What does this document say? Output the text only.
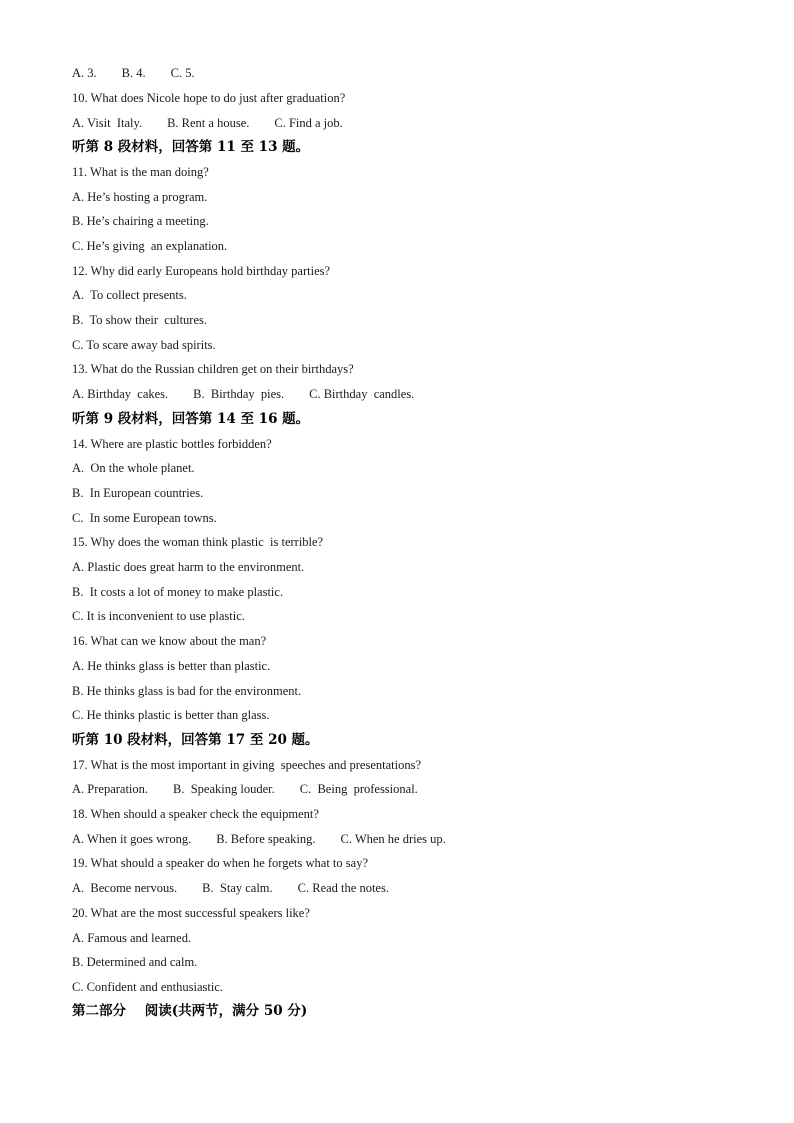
A. 3.        B. 4.        C. 5.
10. What does Nicole hope to do just after graduation?
A. Visit  Italy.        B. Rent a house.        C. Find a job.
听第 8 段材料，回答第 11 至 13 题。
11. What is the man doing?
A. He’s hosting a program.
B. He’s chairing a meeting.
C. He’s giving  an explanation.
12. Why did early Europeans hold birthday parties?
A.  To collect presents.
B.  To show their  cultures.
C. To scare away bad spirits.
13. What do the Russian children get on their birthdays?
A. Birthday  cakes.        B.  Birthday  pies.        C. Birthday  candles.
听第 9 段材料，回答第 14 至 16 题。
14. Where are plastic bottles forbidden?
A.  On the whole planet.
B.  In European countries.
C.  In some European towns.
15. Why does the woman think plastic  is terrible?
A. Plastic does great harm to the environment.
B.  It costs a lot of money to make plastic.
C. It is inconvenient to use plastic.
16. What can we know about the man?
A. He thinks glass is better than plastic.
B. He thinks glass is bad for the environment.
C. He thinks plastic is better than glass.
听第 10 段材料，回答第 17 至 20 题。
17. What is the most important in giving  speeches and presentations?
A. Preparation.        B.  Speaking louder.        C.  Being  professional.
18. When should a speaker check the equipment?
A. When it goes wrong.        B. Before speaking.        C. When he dries up.
19. What should a speaker do when he forgets what to say?
A.  Become nervous.        B.  Stay calm.        C. Read the notes.
20. What are the most successful speakers like?
A. Famous and learned.
B. Determined and calm.
C. Confident and enthusiastic.
第二部分    阅读(共两节，满分 50 分)
